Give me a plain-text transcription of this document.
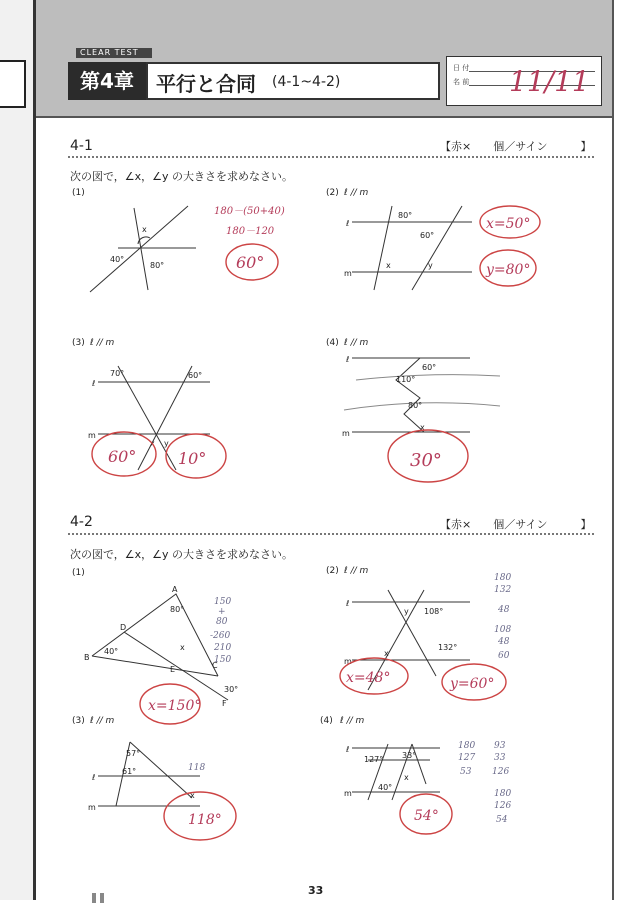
CLEAR TEST
第4章	平行と合同 (4-1~4-2)
日 付
名 前 11/11
4-1	【赤×　　個／サイン　　　】
次の図で，∠x，∠y の大きさを求めなさい。
(1)	(2) ℓ // m
(3) ℓ // m	(4) ℓ // m
4-2	【赤×　　個／サイン　　　】
次の図で，∠x，∠y の大きさを求めなさい。
(1)	(2) ℓ // m
(3) ℓ // m	(4) ℓ // m
x
40°
80°
180－(50+40)
180－120
60°
ℓ
m
80°
60°
x	y
x=50°
y=80°
ℓ
m
70°	60°
x y
60°	10°
ℓ
m
60°
110°
80°
x
30°
A
D
B
E	C
F
80°
40°
30°
x
150
+
80
-260
210
150
x=150°
ℓ
m
y 108°
132°
x
180
132
48
108
48
60
x=48°	y=60°
ℓ
m
57°
61°
x
118
118°
ℓ
m
127° 33°
40°
x
180
127
53
93
33
126
180
126
54
54°
33
